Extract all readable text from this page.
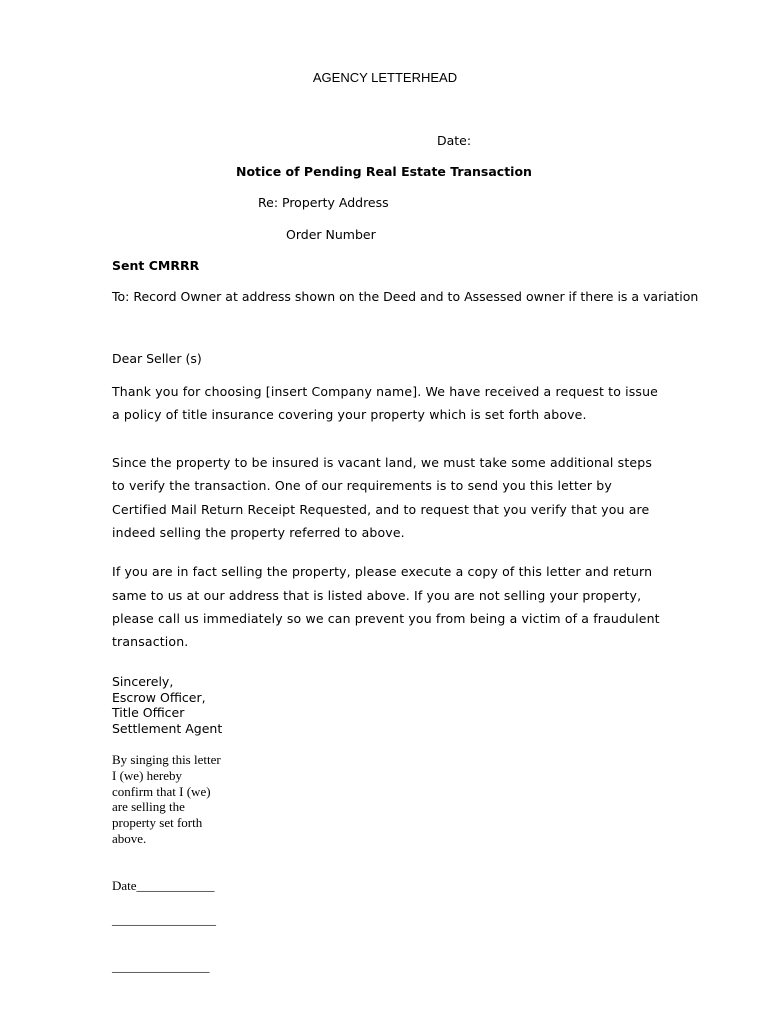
AGENCY LETTERHEAD
Date:
Notice of Pending Real Estate Transaction
Re: Property Address
Order Number
Sent CMRRR
To: Record Owner at address shown on the Deed and to Assessed owner if there is a variation
Dear Seller (s)
Thank you for choosing [insert Company name]. We have received a request to issue
a policy of title insurance covering your property which is set forth above.
Since the property to be insured is vacant land, we must take some additional steps
to verify the transaction. One of our requirements is to send you this letter by
Certified Mail Return Receipt Requested, and to request that you verify that you are
indeed selling the property referred to above.
If you are in fact selling the property, please execute a copy of this letter and return
same to us at our address that is listed above. If you are not selling your property,
please call us immediately so we can prevent you from being a victim of a fraudulent
transaction.
Sincerely,
Escrow Officer,
Title Officer
Settlement Agent
By singing this letter
I (we) hereby
confirm that I (we)
are selling the
property set forth
above.
Date____________
________________
_______________
